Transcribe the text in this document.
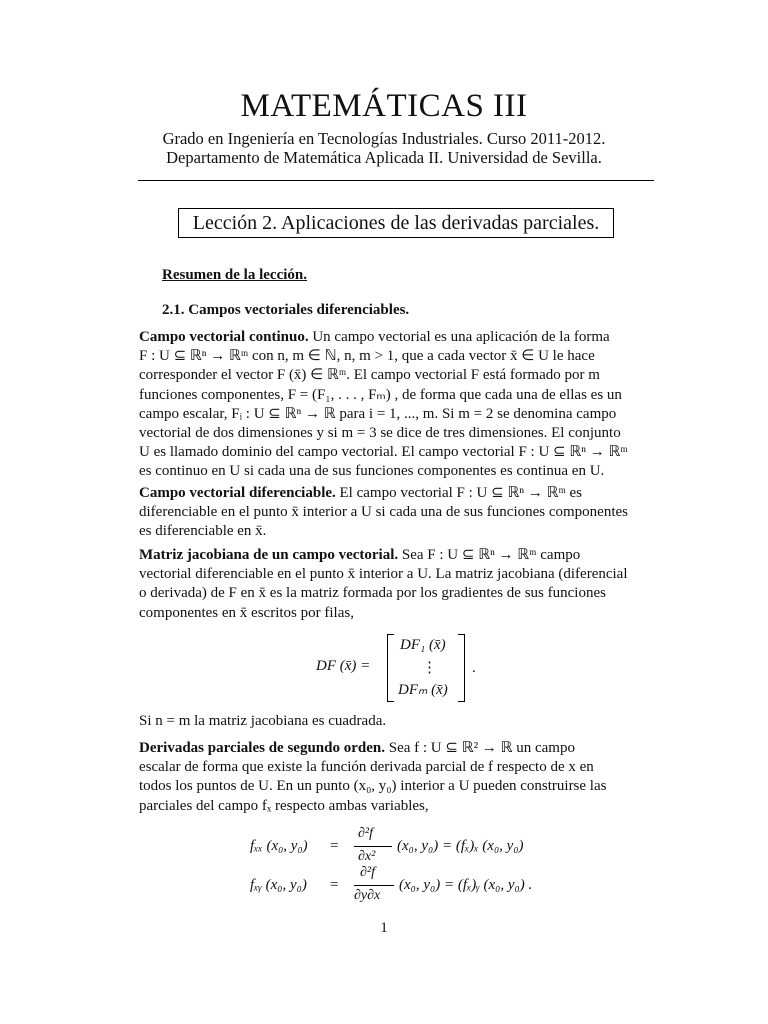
MATEMÁTICAS III
Grado en Ingeniería en Tecnologías Industriales. Curso 2011-2012.
Departamento de Matemática Aplicada II. Universidad de Sevilla.
Lección 2. Aplicaciones de las derivadas parciales.
Resumen de la lección.
2.1. Campos vectoriales diferenciables.
Campo vectorial continuo. Un campo vectorial es una aplicación de la forma
F : U ⊆ ℝⁿ → ℝᵐ con n, m ∈ ℕ, n, m > 1, que a cada vector x̄ ∈ U le hace
corresponder el vector F (x̄) ∈ ℝᵐ. El campo vectorial F está formado por m
funciones componentes, F = (F₁, . . . , Fₘ) , de forma que cada una de ellas es un
campo escalar, Fᵢ : U ⊆ ℝⁿ → ℝ para i = 1, ..., m. Si m = 2 se denomina campo
vectorial de dos dimensiones y si m = 3 se dice de tres dimensiones. El conjunto
U es llamado dominio del campo vectorial. El campo vectorial F : U ⊆ ℝⁿ → ℝᵐ
es continuo en U si cada una de sus funciones componentes es continua en U.
Campo vectorial diferenciable. El campo vectorial F : U ⊆ ℝⁿ → ℝᵐ es
diferenciable en el punto x̄ interior a U si cada una de sus funciones componentes
es diferenciable en x̄.
Matriz jacobiana de un campo vectorial. Sea F : U ⊆ ℝⁿ → ℝᵐ campo
vectorial diferenciable en el punto x̄ interior a U. La matriz jacobiana (diferencial
o derivada) de F en x̄ es la matriz formada por los gradientes de sus funciones
componentes en x̄ escritos por filas,
DF (x̄) =
DF₁ (x̄)
⋮
DFₘ (x̄)
.
Si n = m la matriz jacobiana es cuadrada.
Derivadas parciales de segundo orden. Sea f : U ⊆ ℝ² → ℝ un campo
escalar de forma que existe la función derivada parcial de f respecto de x en
todos los puntos de U. En un punto (x₀, y₀) interior a U pueden construirse las
parciales del campo fₓ respecto ambas variables,
fₓₓ (x₀, y₀) =
∂²f
∂x²
(x₀, y₀) = (fₓ)ₓ (x₀, y₀)
fₓᵧ (x₀, y₀) =
∂²f
∂y∂x
(x₀, y₀) = (fₓ)ᵧ (x₀, y₀) .
1
